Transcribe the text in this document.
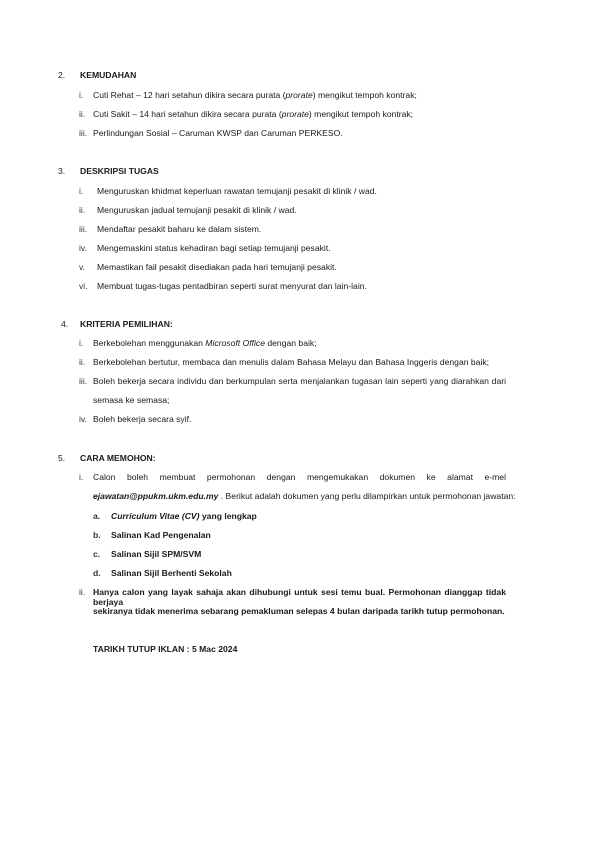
2. KEMUDAHAN
i. Cuti Rehat – 12 hari setahun dikira secara purata (prorate) mengikut tempoh kontrak;
ii. Cuti Sakit – 14 hari setahun dikira secara purata (prorate) mengikut tempoh kontrak;
iii. Perlindungan Sosial – Caruman KWSP dan Caruman PERKESO.
3. DESKRIPSI TUGAS
i. Menguruskan khidmat keperluan rawatan temujanji pesakit di klinik / wad.
ii. Menguruskan jadual temujanji pesakit di klinik / wad.
iii. Mendaftar pesakit baharu ke dalam sistem.
iv. Mengemaskini status kehadiran bagi setiap temujanji pesakit.
v. Memastikan fail pesakit disediakan pada hari temujanji pesakit.
vi. Membuat tugas-tugas pentadbiran seperti surat menyurat dan lain-lain.
4. KRITERIA PEMILIHAN:
i. Berkebolehan menggunakan Microsoft Office dengan baik;
ii. Berkebolehan bertutur, membaca dan menulis dalam Bahasa Melayu dan Bahasa Inggeris dengan baik;
iii. Boleh bekerja secara individu dan berkumpulan serta menjalankan tugasan lain seperti yang diarahkan dari
semasa ke semasa;
iv. Boleh bekerja secara syif.
5. CARA MEMOHON:
i. Calon boleh membuat permohonan dengan mengemukakan dokumen ke alamat e-mel
ejawatan@ppukm.ukm.edu.my . Berikut adalah dokumen yang perlu dilampirkan untuk permohonan jawatan:
a. Curriculum Vitae (CV) yang lengkap
b. Salinan Kad Pengenalan
c. Salinan Sijil SPM/SVM
d. Salinan Sijil Berhenti Sekolah
ii. Hanya calon yang layak sahaja akan dihubungi untuk sesi temu bual. Permohonan dianggap tidak berjaya
sekiranya tidak menerima sebarang pemakluman selepas 4 bulan daripada tarikh tutup permohonan.
TARIKH TUTUP IKLAN : 5 Mac 2024
